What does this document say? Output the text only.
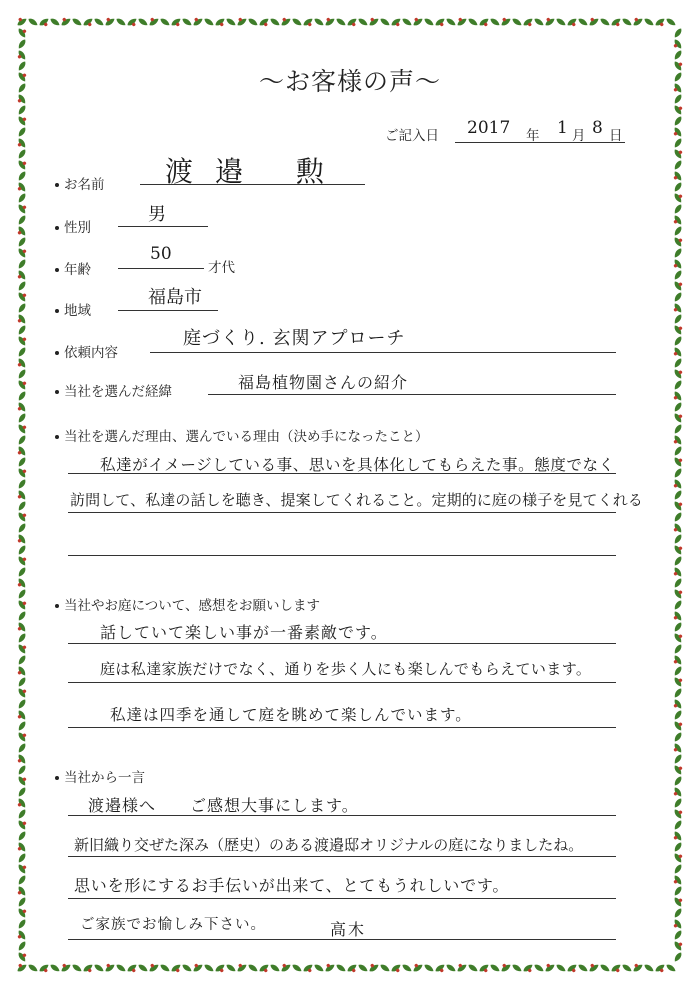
〜お客様の声〜
ご記入日 2017 年 1 月 8 日
お名前 渡邉 勲
性別
男
年齢
50
才代
地域
福島市
依頼内容
庭づくり. 玄関アプローチ
当社を選んだ経緯	福島植物園さんの紹介
当社を選んだ理由、選んでいる理由（決め手になったこと）
私達がイメージしている事、思いを具体化してもらえた事。態度でなく
訪問して、私達の話しを聴き、提案してくれること。定期的に庭の様子を見てくれる
当社やお庭について、感想をお願いします
話していて楽しい事が一番素敵です。
庭は私達家族だけでなく、通りを歩く人にも楽しんでもらえています。
私達は四季を通して庭を眺めて楽しんでいます。
当社から一言
渡邉様へ　　ご感想大事にします。
新旧織り交ぜた深み（歴史）のある渡邉邸オリジナルの庭になりましたね。
思いを形にするお手伝いが出来て、とてもうれしいです。
ご家族でお愉しみ下さい。	高木
